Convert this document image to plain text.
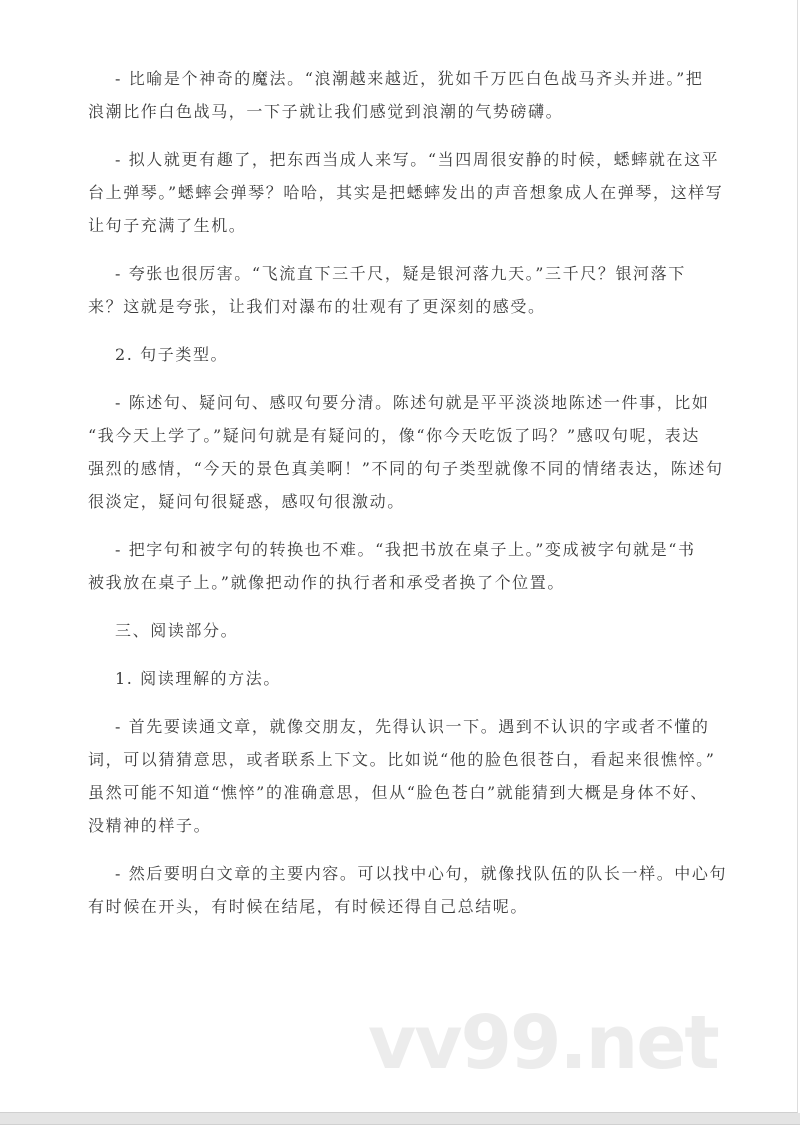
- 比喻是个神奇的魔法。“浪潮越来越近，犹如千万匹白色战马齐头并进。”把
浪潮比作白色战马，一下子就让我们感觉到浪潮的气势磅礴。
- 拟人就更有趣了，把东西当成人来写。“当四周很安静的时候，蟋蟀就在这平
台上弹琴。”蟋蟀会弹琴？哈哈，其实是把蟋蟀发出的声音想象成人在弹琴，这样写
让句子充满了生机。
- 夸张也很厉害。“飞流直下三千尺，疑是银河落九天。”三千尺？银河落下
来？这就是夸张，让我们对瀑布的壮观有了更深刻的感受。
2. 句子类型。
- 陈述句、疑问句、感叹句要分清。陈述句就是平平淡淡地陈述一件事，比如
“我今天上学了。”疑问句就是有疑问的，像“你今天吃饭了吗？”感叹句呢，表达
强烈的感情，“今天的景色真美啊！”不同的句子类型就像不同的情绪表达，陈述句
很淡定，疑问句很疑惑，感叹句很激动。
- 把字句和被字句的转换也不难。“我把书放在桌子上。”变成被字句就是“书
被我放在桌子上。”就像把动作的执行者和承受者换了个位置。
三、阅读部分。
1. 阅读理解的方法。
- 首先要读通文章，就像交朋友，先得认识一下。遇到不认识的字或者不懂的
词，可以猜猜意思，或者联系上下文。比如说“他的脸色很苍白，看起来很憔悴。”
虽然可能不知道“憔悴”的准确意思，但从“脸色苍白”就能猜到大概是身体不好、
没精神的样子。
- 然后要明白文章的主要内容。可以找中心句，就像找队伍的队长一样。中心句
有时候在开头，有时候在结尾，有时候还得自己总结呢。
vv99.net
